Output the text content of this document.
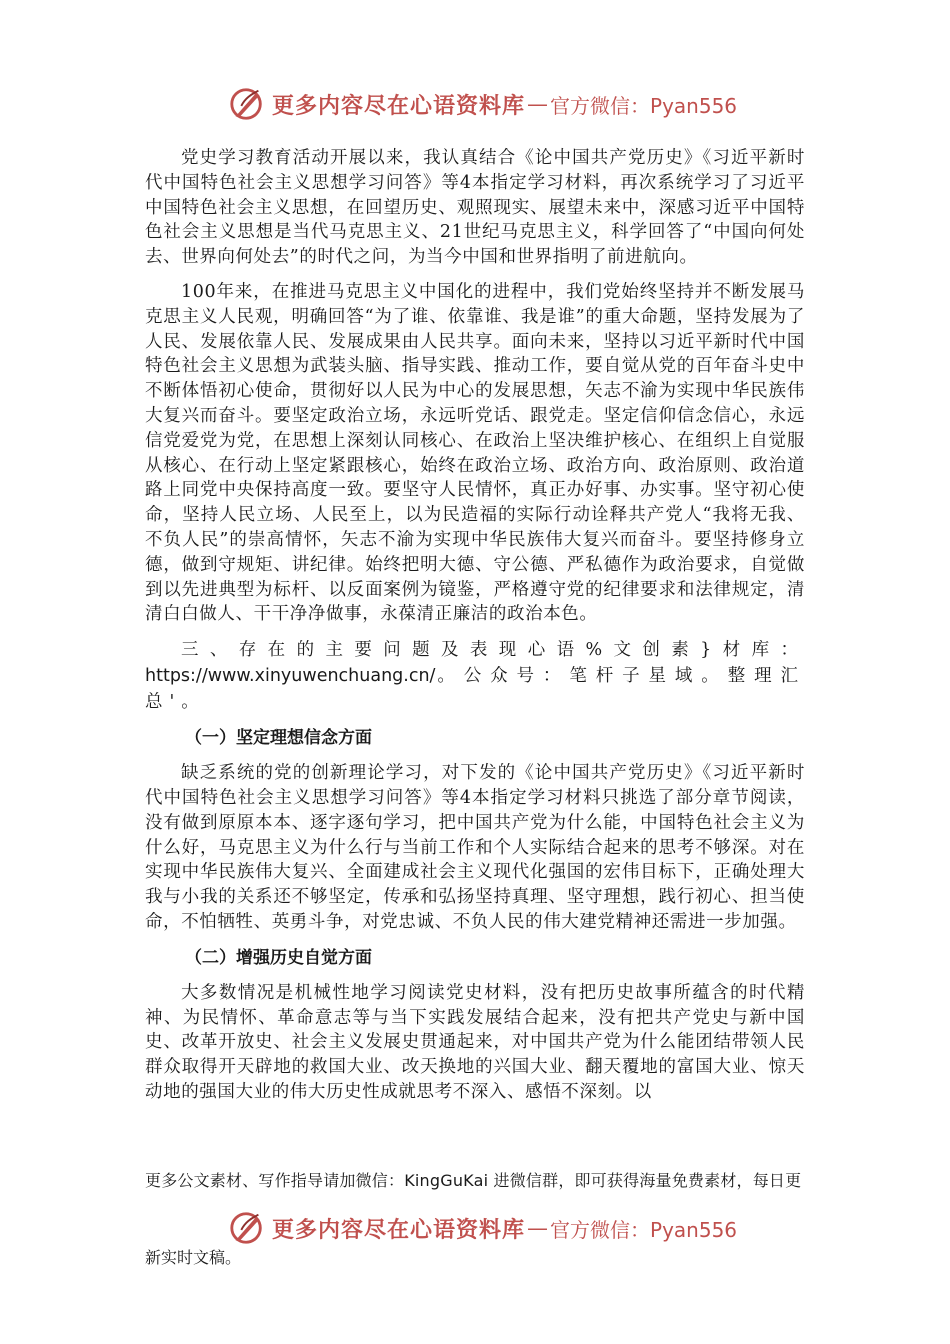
更多内容尽在心语资料库 — 官方微信：Pyan556

党史学习教育活动开展以来，我认真结合《论中国共产党历史》《习近平新时代中国特色社会主义思想学习问答》等4本指定学习材料，再次系统学习了习近平中国特色社会主义思想，在回望历史、观照现实、展望未来中，深感习近平中国特色社会主义思想是当代马克思主义、21世纪马克思主义，科学回答了“中国向何处去、世界向何处去”的时代之问，为当今中国和世界指明了前进航向。

100年来，在推进马克思主义中国化的进程中，我们党始终坚持并不断发展马克思主义人民观，明确回答“为了谁、依靠谁、我是谁”的重大命题，坚持发展为了人民、发展依靠人民、发展成果由人民共享。面向未来，坚持以习近平新时代中国特色社会主义思想为武装头脑、指导实践、推动工作，要自觉从党的百年奋斗史中不断体悟初心使命，贯彻好以人民为中心的发展思想，矢志不渝为实现中华民族伟大复兴而奋斗。要坚定政治立场，永远听党话、跟党走。坚定信仰信念信心，永远信党爱党为党，在思想上深刻认同核心、在政治上坚决维护核心、在组织上自觉服从核心、在行动上坚定紧跟核心，始终在政治立场、政治方向、政治原则、政治道路上同党中央保持高度一致。要坚守人民情怀，真正办好事、办实事。坚守初心使命，坚持人民立场、人民至上，以为民造福的实际行动诠释共产党人“我将无我、不负人民”的崇高情怀，矢志不渝为实现中华民族伟大复兴而奋斗。要坚持修身立德，做到守规矩、讲纪律。始终把明大德、守公德、严私德作为政治要求，自觉做到以先进典型为标杆、以反面案例为镜鉴，严格遵守党的纪律要求和法律规定，清清白白做人、干干净净做事，永葆清正廉洁的政治本色。

三、存在的主要问题及表现心语%文创素}材库：https://www.xinyuwenchuang.cn/。公众号：笔杆子星域。整理汇总'。

（一）坚定理想信念方面

缺乏系统的党的创新理论学习，对下发的《论中国共产党历史》《习近平新时代中国特色社会主义思想学习问答》等4本指定学习材料只挑选了部分章节阅读，没有做到原原本本、逐字逐句学习，把中国共产党为什么能，中国特色社会主义为什么好，马克思主义为什么行与当前工作和个人实际结合起来的思考不够深。对在实现中华民族伟大复兴、全面建成社会主义现代化强国的宏伟目标下，正确处理大我与小我的关系还不够坚定，传承和弘扬坚持真理、坚守理想，践行初心、担当使命，不怕牺牲、英勇斗争，对党忠诚、不负人民的伟大建党精神还需进一步加强。

（二）增强历史自觉方面

大多数情况是机械性地学习阅读党史材料，没有把历史故事所蕴含的时代精神、为民情怀、革命意志等与当下实践发展结合起来，没有把共产党史与新中国史、改革开放史、社会主义发展史贯通起来，对中国共产党为什么能团结带领人民群众取得开天辟地的救国大业、改天换地的兴国大业、翻天覆地的富国大业、惊天动地的强国大业的伟大历史性成就思考不深入、感悟不深刻。以

更多公文素材、写作指导请加微信：KingGuKai 进微信群，即可获得海量免费素材，每日更
更多内容尽在心语资料库 — 官方微信：Pyan556
新实时文稿。
